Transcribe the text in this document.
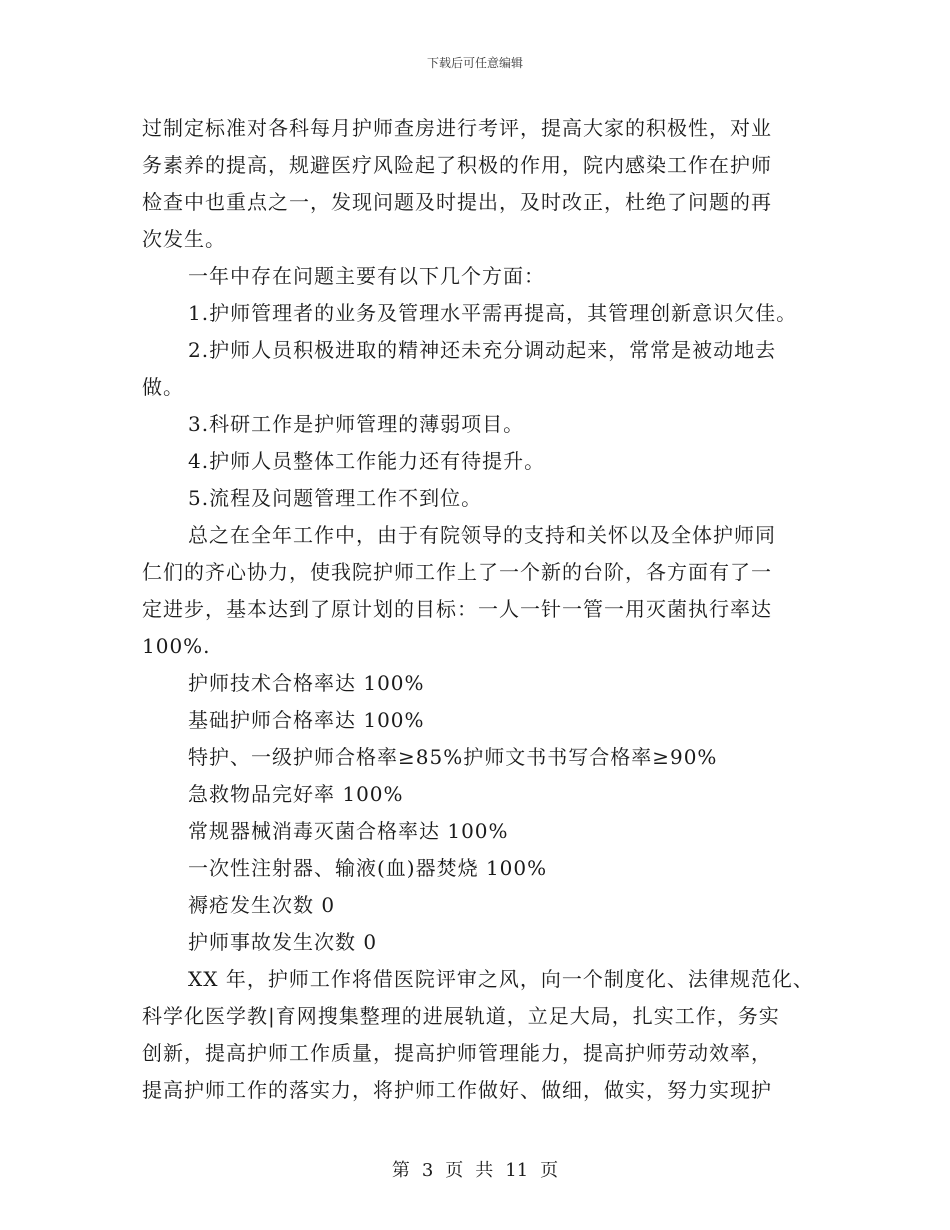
下载后可任意编辑
过制定标准对各科每月护师查房进行考评，提高大家的积极性，对业
务素养的提高，规避医疗风险起了积极的作用，院内感染工作在护师
检查中也重点之一，发现问题及时提出，及时改正，杜绝了问题的再
次发生。
一年中存在问题主要有以下几个方面：
1.护师管理者的业务及管理水平需再提高，其管理创新意识欠佳。
2.护师人员积极进取的精神还未充分调动起来，常常是被动地去
做。
3.科研工作是护师管理的薄弱项目。
4.护师人员整体工作能力还有待提升。
5.流程及问题管理工作不到位。
总之在全年工作中，由于有院领导的支持和关怀以及全体护师同
仁们的齐心协力，使我院护师工作上了一个新的台阶，各方面有了一
定进步，基本达到了原计划的目标：一人一针一管一用灭菌执行率达
100%.
护师技术合格率达 100%
基础护师合格率达 100%
特护、一级护师合格率≥85%护师文书书写合格率≥90%
急救物品完好率 100%
常规器械消毒灭菌合格率达 100%
一次性注射器、输液(血)器焚烧 100%
褥疮发生次数 0
护师事故发生次数 0
XX 年，护师工作将借医院评审之风，向一个制度化、法律规范化、
科学化医学教|育网搜集整理的进展轨道，立足大局，扎实工作，务实
创新，提高护师工作质量，提高护师管理能力，提高护师劳动效率，
提高护师工作的落实力，将护师工作做好、做细，做实，努力实现护
第 3 页 共 11 页
